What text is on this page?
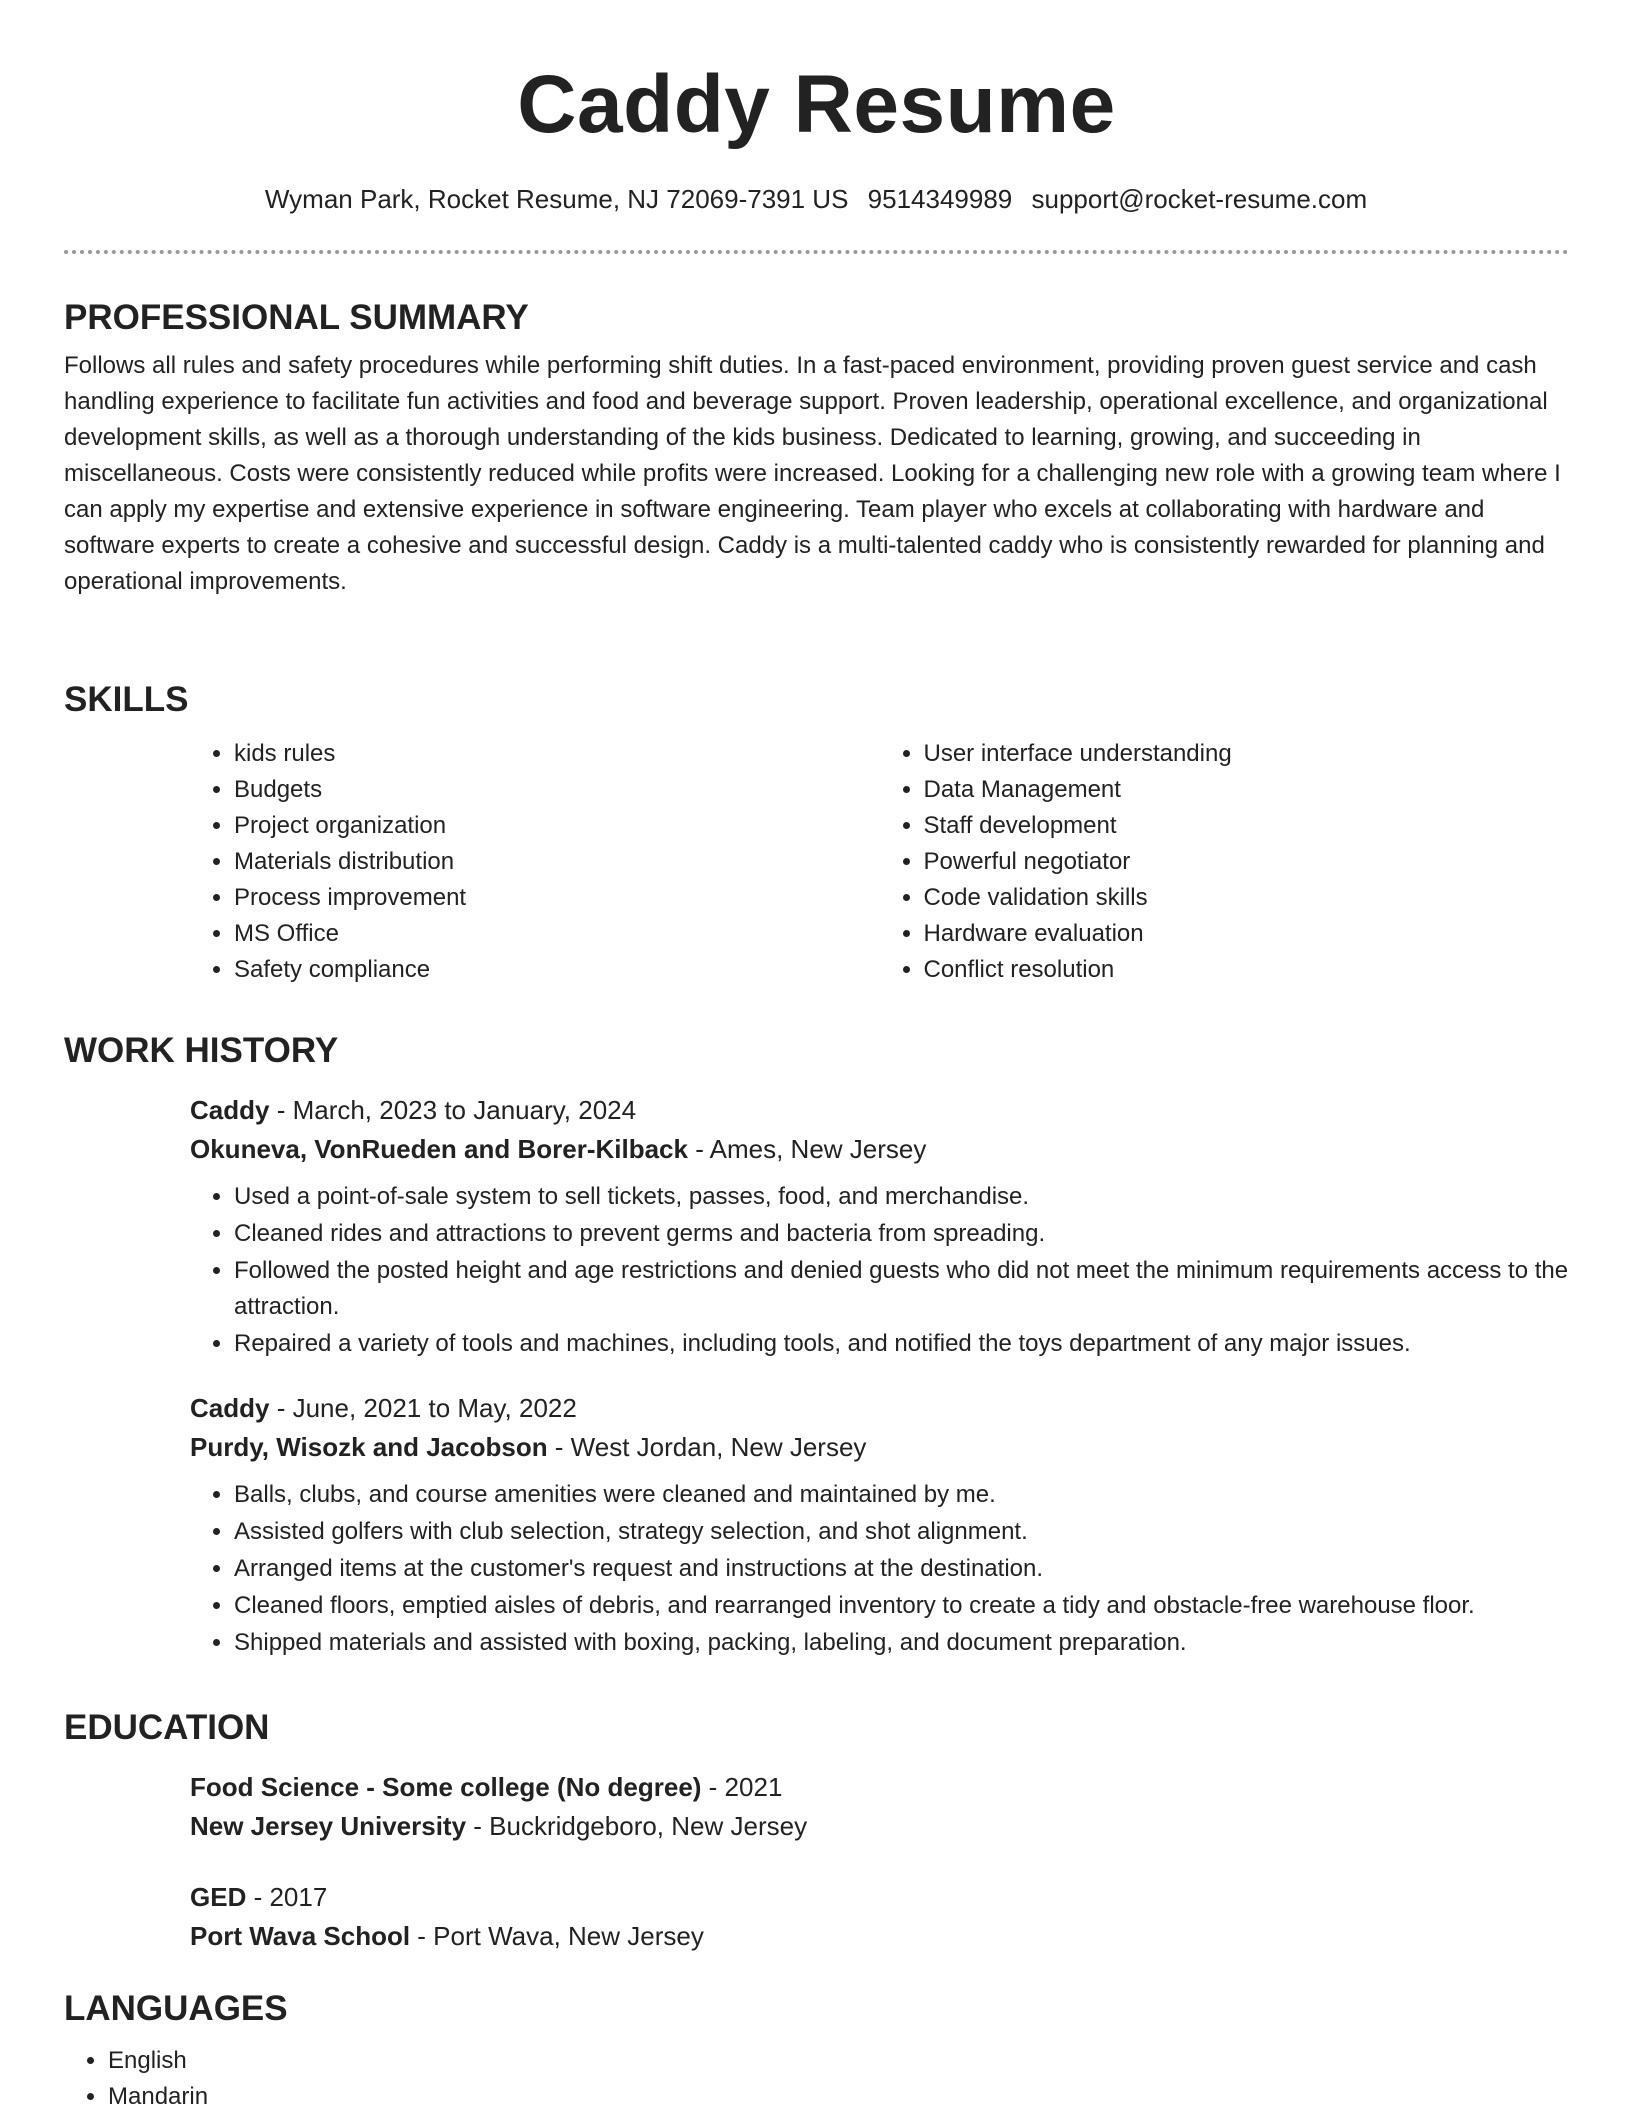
Caddy Resume
Wyman Park, Rocket Resume, NJ 72069-7391 US 9514349989 support@rocket-resume.com
PROFESSIONAL SUMMARY

Follows all rules and safety procedures while performing shift duties. In a fast-paced environment, providing proven guest service and cash handling experience to facilitate fun activities and food and beverage support. Proven leadership, operational excellence, and organizational development skills, as well as a thorough understanding of the kids business. Dedicated to learning, growing, and succeeding in miscellaneous. Costs were consistently reduced while profits were increased. Looking for a challenging new role with a growing team where I can apply my expertise and extensive experience in software engineering. Team player who excels at collaborating with hardware and software experts to create a cohesive and successful design. Caddy is a multi-talented caddy who is consistently rewarded for planning and operational improvements.

SKILLS
• kids rules
• Budgets
• Project organization
• Materials distribution
• Process improvement
• MS Office
• Safety compliance
• User interface understanding
• Data Management
• Staff development
• Powerful negotiator
• Code validation skills
• Hardware evaluation
• Conflict resolution
WORK HISTORY

Caddy - March, 2023 to January, 2024

Okuneva, VonRueden and Borer-Kilback - Ames, New Jersey

• Used a point-of-sale system to sell tickets, passes, food, and merchandise.
• Cleaned rides and attractions to prevent germs and bacteria from spreading.
• Followed the posted height and age restrictions and denied guests who did not meet the minimum requirements access to the attraction.
• Repaired a variety of tools and machines, including tools, and notified the toys department of any major issues.

Caddy - June, 2021 to May, 2022

Purdy, Wisozk and Jacobson - West Jordan, New Jersey

• Balls, clubs, and course amenities were cleaned and maintained by me.
• Assisted golfers with club selection, strategy selection, and shot alignment.
• Arranged items at the customer's request and instructions at the destination.
• Cleaned floors, emptied aisles of debris, and rearranged inventory to create a tidy and obstacle-free warehouse floor.
• Shipped materials and assisted with boxing, packing, labeling, and document preparation.
EDUCATION

Food Science - Some college (No degree) - 2021

New Jersey University - Buckridgeboro, New Jersey

GED - 2017

Port Wava School - Port Wava, New Jersey

LANGUAGES
• English
• Mandarin
